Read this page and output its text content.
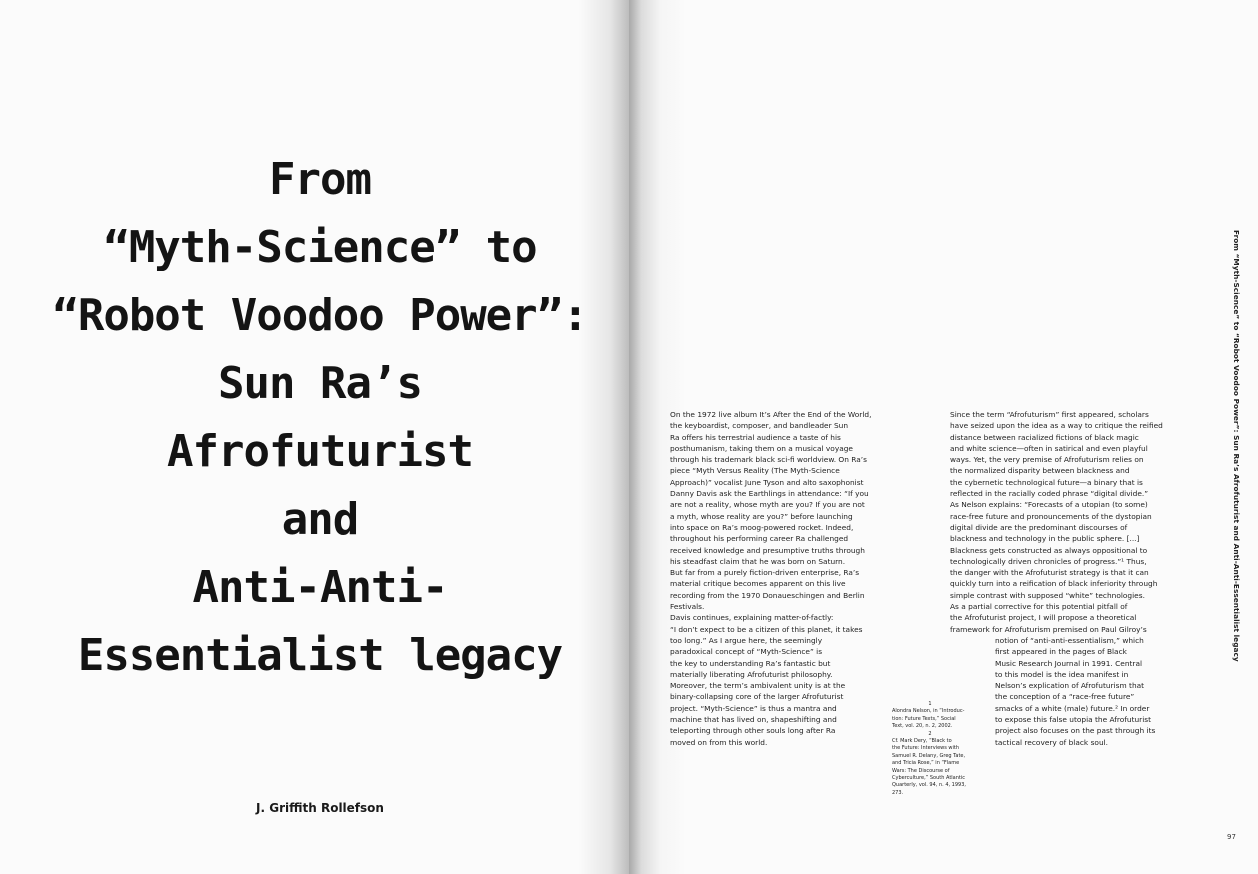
From
“Myth-Science” to
“Robot Voodoo Power”:
Sun Ra’s
Afrofuturist
and
Anti-Anti-
Essentialist legacy
J. Griffith Rollefson
On the 1972 live album It’s After the End of the World,
the keyboardist, composer, and bandleader Sun
Ra offers his terrestrial audience a taste of his
posthumanism, taking them on a musical voyage
through his trademark black sci-fi worldview. On Ra’s
piece “Myth Versus Reality (The Myth-Science
Approach)” vocalist June Tyson and alto saxophonist
Danny Davis ask the Earthlings in attendance: “If you
are not a reality, whose myth are you? If you are not
a myth, whose reality are you?” before launching
into space on Ra’s moog-powered rocket. Indeed,
throughout his performing career Ra challenged
received knowledge and presumptive truths through
his steadfast claim that he was born on Saturn.
But far from a purely fiction-driven enterprise, Ra’s
material critique becomes apparent on this live
recording from the 1970 Donaueschingen and Berlin
Festivals.
Davis continues, explaining matter-of-factly:
“I don’t expect to be a citizen of this planet, it takes
too long.” As I argue here, the seemingly
paradoxical concept of “Myth-Science” is
the key to understanding Ra’s fantastic but
materially liberating Afrofuturist philosophy.
Moreover, the term’s ambivalent unity is at the
binary-collapsing core of the larger Afrofuturist
project. “Myth-Science” is thus a mantra and
machine that has lived on, shapeshifting and
teleporting through other souls long after Ra
moved on from this world.
Since the term “Afrofuturism” first appeared, scholars
have seized upon the idea as a way to critique the reified
distance between racialized fictions of black magic
and white science—often in satirical and even playful
ways. Yet, the very premise of Afrofuturism relies on
the normalized disparity between blackness and
the cybernetic technological future—a binary that is
reflected in the racially coded phrase “digital divide.”
As Nelson explains: “Forecasts of a utopian (to some)
race-free future and pronouncements of the dystopian
digital divide are the predominant discourses of
blackness and technology in the public sphere. [...]
Blackness gets constructed as always oppositional to
technologically driven chronicles of progress.”¹ Thus,
the danger with the Afrofuturist strategy is that it can
quickly turn into a reification of black inferiority through
simple contrast with supposed “white” technologies.
As a partial corrective for this potential pitfall of
the Afrofuturist project, I will propose a theoretical
framework for Afrofuturism premised on Paul Gilroy’s
notion of “anti-anti-essentialism,” which
first appeared in the pages of Black
Music Research Journal in 1991. Central
to this model is the idea manifest in
Nelson’s explication of Afrofuturism that
the conception of a “race-free future”
smacks of a white (male) future.² In order
to expose this false utopia the Afrofuturist
project also focuses on the past through its
tactical recovery of black soul.
1
Alondra Nelson, in “Introduc-
tion: Future Texts,” Social
Text, vol. 20, n. 2, 2002.
2
Cf. Mark Dery, “Black to
the Future: Interviews with
Samuel R. Delany, Greg Tate,
and Tricia Rose,” in “Flame
Wars: The Discourse of
Cyberculture,” South Atlantic
Quarterly, vol. 94, n. 4, 1993,
273.
From “Myth-Science” to “Robot Voodoo Power”: Sun Ra’s Afrofuturist and Anti-Anti-Essentialist legacy
97
